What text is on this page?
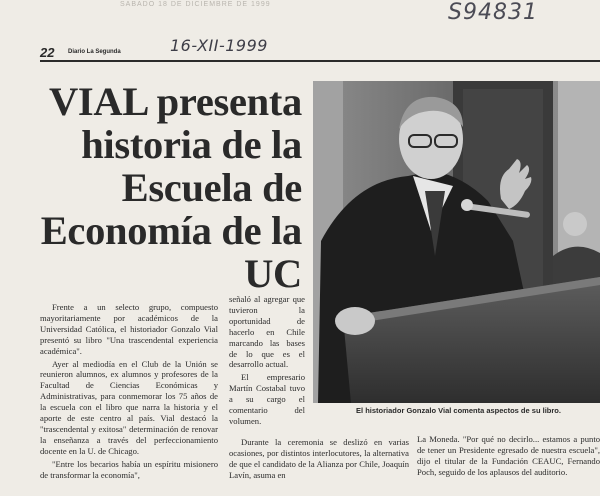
SABADO 18 DE DICIEMBRE DE 1999	S94831
16-XII-1999
22 Diario La Segunda
VIAL presenta historia de la Escuela de Economía de la UC
El historiador Gonzalo Vial comenta aspectos de su libro.

Frente a un selecto grupo, compuesto mayoritariamente por académicos de la Universidad Católica, el historiador Gonzalo Vial presentó su libro "Una trascendental experiencia académica".

Ayer al mediodía en el Club de la Unión se reunieron alumnos, ex alumnos y profesores de la Facultad de Ciencias Económicas y Administrativas, para conmemorar los 75 años de la escuela con el libro que narra la historia y el aporte de este centro al país. Vial destacó la "trascendental y exitosa" determinación de renovar la enseñanza a través del perfeccionamiento docente en la U. de Chicago.

"Entre los becarios había un espíritu misionero de transformar la economía",

señaló al agregar que tuvieron la oportunidad de hacerlo en Chile marcando las bases de lo que es el desarrollo actual.

El empresario Martín Costabal tuvo a su cargo el comentario del volumen.

Durante la ceremonia se deslizó en varias ocasiones, por distintos interlocutores, la alternativa de que el candidato de la Alianza por Chile, Joaquín Lavín, asuma en

La Moneda. "Por qué no decirlo... estamos a punto de tener un Presidente egresado de nuestra escuela", dijo el titular de la Fundación CEAUC, Fernando Poch, seguido de los aplausos del auditorio.
